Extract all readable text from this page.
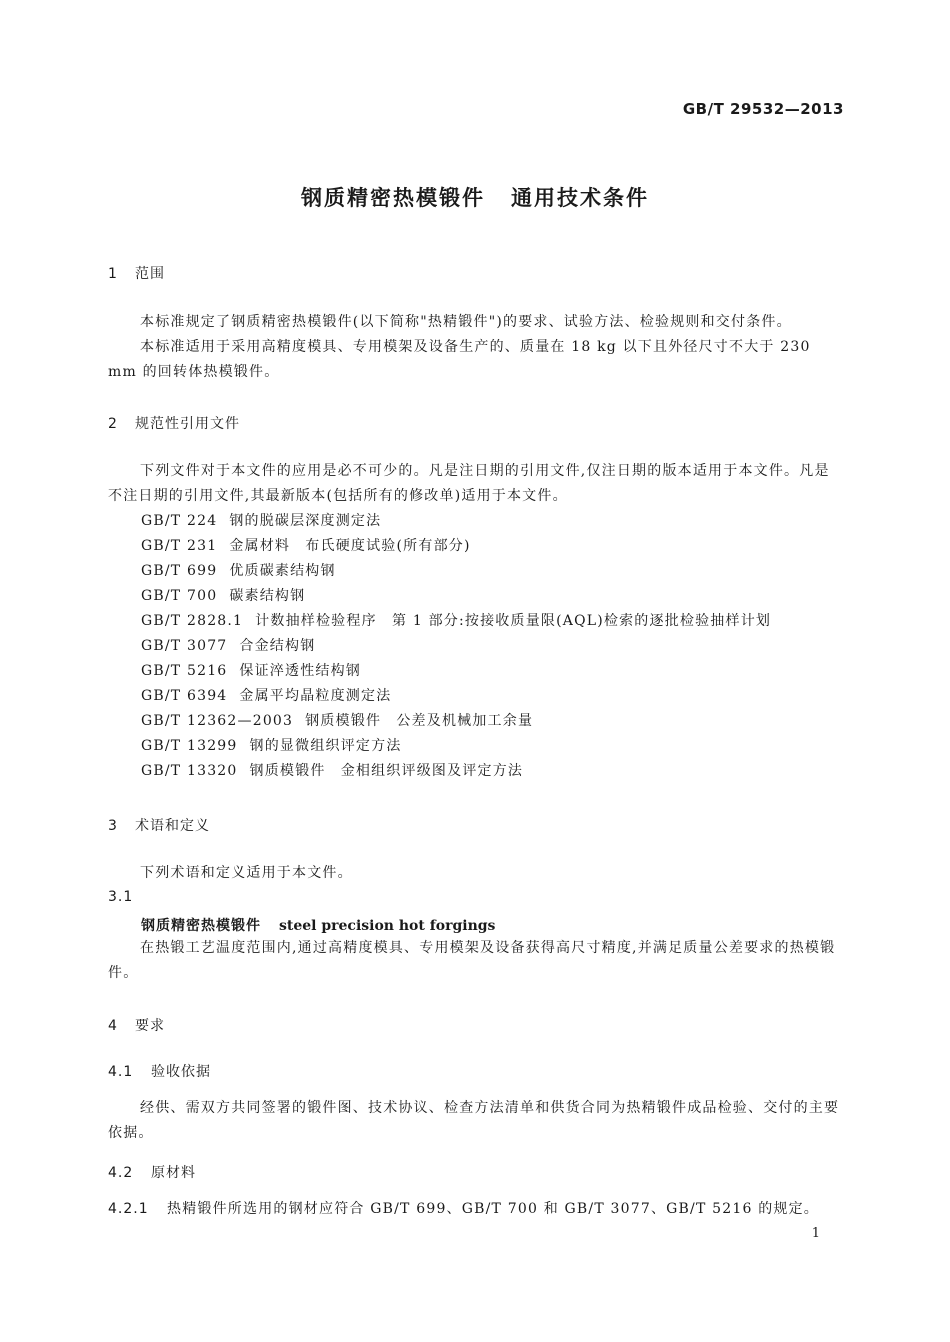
GB/T 29532—2013
钢质精密热模锻件 通用技术条件
1 范围
本标准规定了钢质精密热模锻件(以下简称"热精锻件")的要求、试验方法、检验规则和交付条件。
本标准适用于采用高精度模具、专用模架及设备生产的、质量在 18 kg 以下且外径尺寸不大于 230 mm 的回转体热模锻件。
2 规范性引用文件
下列文件对于本文件的应用是必不可少的。凡是注日期的引用文件,仅注日期的版本适用于本文件。凡是不注日期的引用文件,其最新版本(包括所有的修改单)适用于本文件。
GB/T 224 钢的脱碳层深度测定法
GB/T 231 金属材料　布氏硬度试验(所有部分)
GB/T 699 优质碳素结构钢
GB/T 700 碳素结构钢
GB/T 2828.1 计数抽样检验程序　第 1 部分:按接收质量限(AQL)检索的逐批检验抽样计划
GB/T 3077 合金结构钢
GB/T 5216 保证淬透性结构钢
GB/T 6394 金属平均晶粒度测定法
GB/T 12362—2003 钢质模锻件　公差及机械加工余量
GB/T 13299 钢的显微组织评定方法
GB/T 13320 钢质模锻件　金相组织评级图及评定方法
3 术语和定义
下列术语和定义适用于本文件。
3.1
钢质精密热模锻件 steel precision hot forgings
在热锻工艺温度范围内,通过高精度模具、专用模架及设备获得高尺寸精度,并满足质量公差要求的热模锻件。
4 要求
4.1 验收依据
经供、需双方共同签署的锻件图、技术协议、检查方法清单和供货合同为热精锻件成品检验、交付的主要依据。
4.2 原材料
4.2.1 热精锻件所选用的钢材应符合 GB/T 699、GB/T 700 和 GB/T 3077、GB/T 5216 的规定。
1
